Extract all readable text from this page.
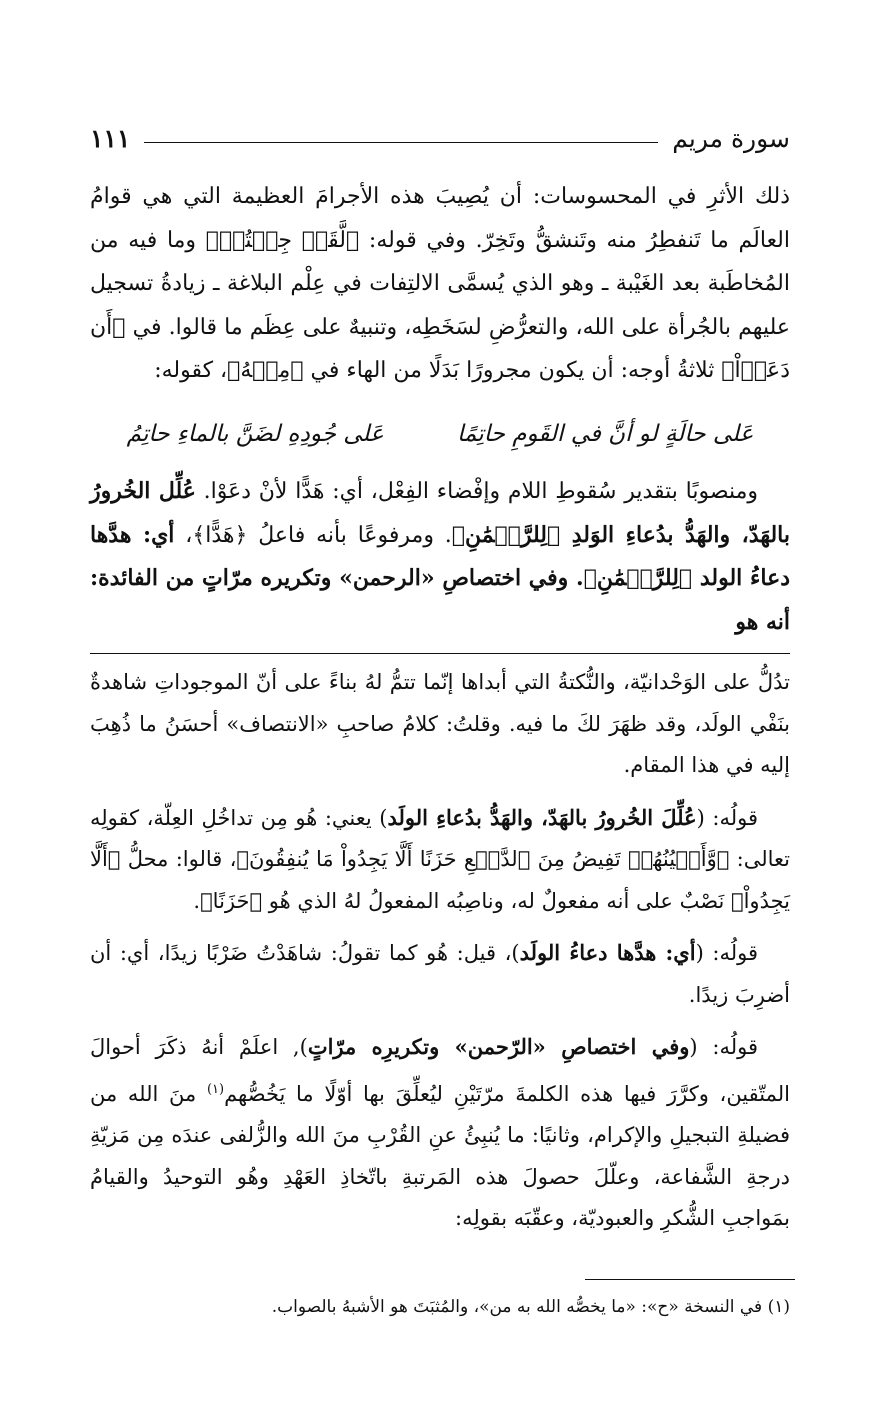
سورة مريم
١١١

ذلك الأثرِ في المحسوسات: أن يُصِيبَ هذه الأجرامَ العظيمة التي هي قوامُ العالَم ما تَنفطِرُ منه وتَنشقُّ وتَخِرّ. وفي قوله: ﴿لَّقَدۡ جِئۡتُمۡ﴾ وما فيه من المُخاطَبة بعد الغَيْبة ـ وهو الذي يُسمَّى الالتِفات في عِلْم البلاغة ـ زيادةُ تسجيل عليهم بالجُرأة على الله، والتعرُّضِ لسَخَطِه، وتنبيهٌ على عِظَم ما قالوا. في ﴿أَن دَعَوۡاْ﴾ ثلاثةُ أوجه: أن يكون مجرورًا بَدَلًا من الهاء في ﴿مِنۡهُ﴾، كقوله:

عَلى حالَةٍ لو أنَّ في القَومِ حاتِمًا
عَلى جُودِهِ لضَنَّ بالماءِ حاتِمُ

ومنصوبًا بتقدير سُقوطِ اللام وإفْضاء الفِعْل، أي: هَدًّا لأنْ دعَوْا. عُلِّل الخُرورُ بالهَدّ، والهَدُّ بدُعاءِ الوَلدِ ﴿لِلرَّحۡمَٰنِ﴾. ومرفوعًا بأنه فاعلُ ﴿هَدًّا﴾، أي: هدَّها دعاءُ الولد ﴿لِلرَّحۡمَٰنِ﴾. وفي اختصاصِ «الرحمن» وتكريره مرّاتٍ من الفائدة: أنه هو

تدُلُّ على الوَحْدانيّة، والنُّكتةُ التي أبداها إنّما تتمُّ لهُ بناءً على أنّ الموجوداتِ شاهدةٌ بنَفْي الولَد، وقد ظهَرَ لكَ ما فيه. وقلتُ: كلامُ صاحبِ «الانتصاف» أحسَنُ ما ذُهِبَ إليه في هذا المقام.

قولُه: (عُلِّلَ الخُرورُ بالهَدّ، والهَدُّ بدُعاءِ الولَد) يعني: هُو مِن تداخُلِ العِلّة، كقولِه تعالى: ﴿وَّأَعۡيُنُهُمۡ تَفِيضُ مِنَ ٱلدَّمۡعِ حَزَنًا أَلَّا يَجِدُواْ مَا يُنفِقُونَ﴾، قالوا: محلُّ ﴿أَلَّا يَجِدُواْ﴾ نَصْبٌ على أنه مفعولٌ له، وناصِبُه المفعولُ لهُ الذي هُو ﴿حَزَنًا﴾.

قولُه: (أي: هدَّها دعاءُ الولَد)، قيل: هُو كما تقولُ: شاهَدْتُ ضَرْبًا زيدًا، أي: أن أضرِبَ زيدًا.

قولُه: (وفي اختصاصِ «الرّحمن» وتكريرِه مرّاتٍ), اعلَمْ أنهُ ذكَرَ أحوالَ المتّقين، وكرَّرَ فيها هذه الكلمةَ مرّتَيْنِ ليُعلِّقَ بها أوّلًا ما يَخُصُّهم$^{(١)}$ منَ الله من فضيلةِ التبجيلِ والإكرام، وثانيًا: ما يُنبِئُ عنِ القُرْبِ منَ الله والزُّلفى عندَه مِن مَزيّةِ درجةِ الشَّفاعة، وعلّلَ حصولَ هذه المَرتبةِ باتّخاذِ العَهْدِ وهُو التوحيدُ والقيامُ بمَواجبِ الشُّكرِ والعبوديّة، وعقّبَه بقولِه:

(١) في النسخة «ح»: «ما يخصُّه الله به من»، والمُثبَتَ هو الأشبهُ بالصواب.
